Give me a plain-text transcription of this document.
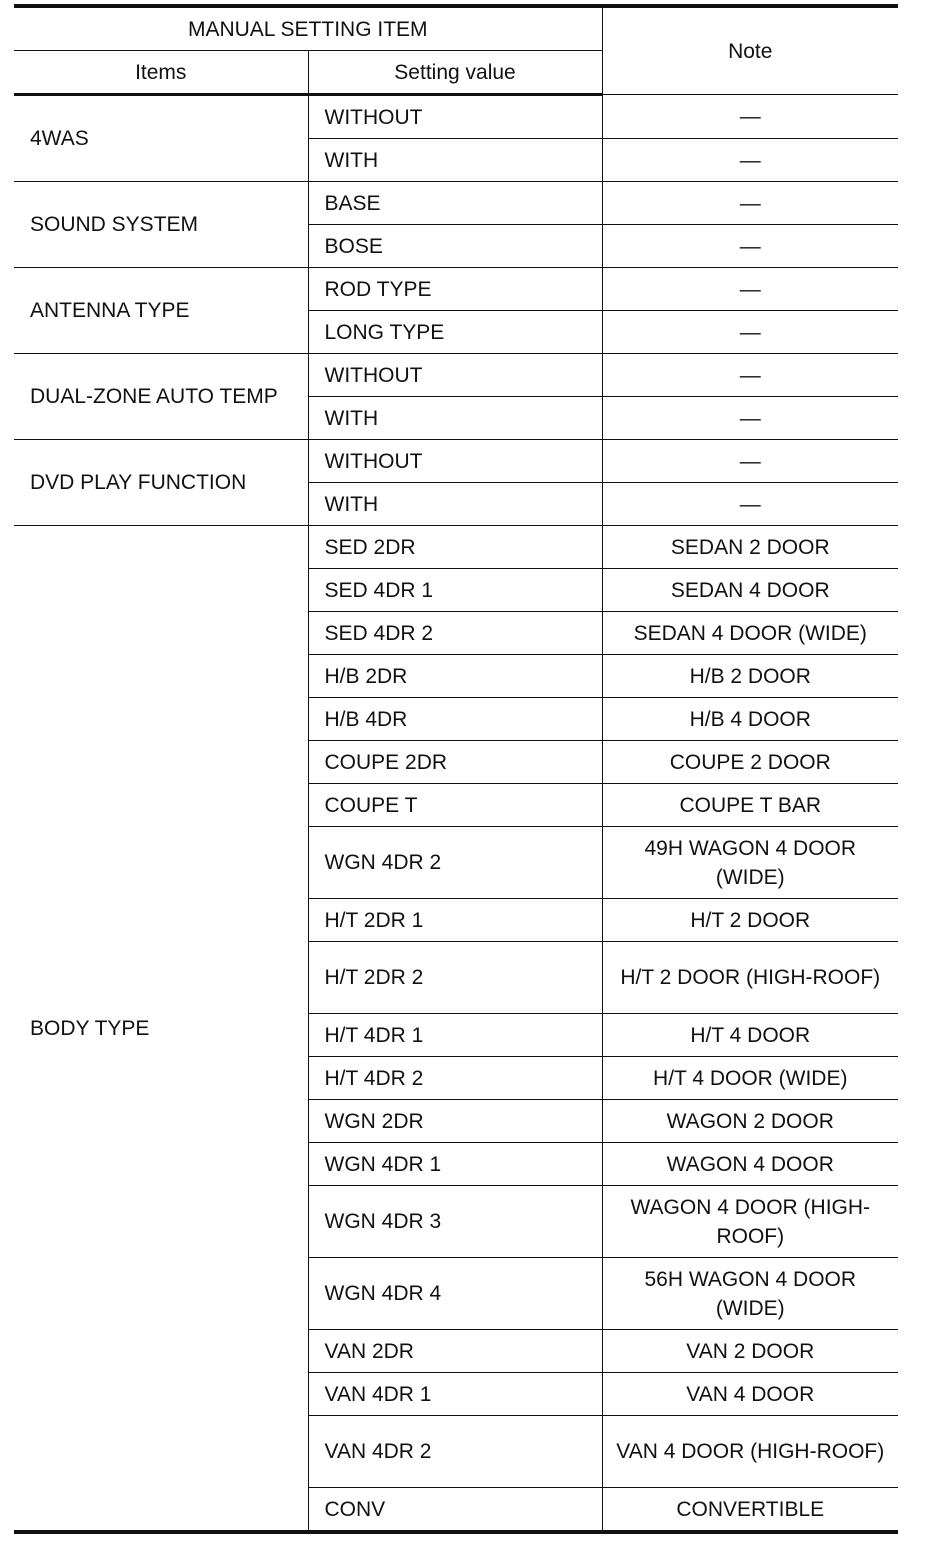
MANUAL SETTING ITEM		Note
Items	Setting value	
4WAS	WITHOUT	—
	WITH	—
SOUND SYSTEM	BASE	—
	BOSE	—
ANTENNA TYPE	ROD TYPE	—
	LONG TYPE	—
DUAL-ZONE AUTO TEMP	WITHOUT	—
	WITH	—
DVD PLAY FUNCTION	WITHOUT	—
	WITH	—
BODY TYPE	SED 2DR	SEDAN 2 DOOR
	SED 4DR 1	SEDAN 4 DOOR
	SED 4DR 2	SEDAN 4 DOOR (WIDE)
	H/B 2DR	H/B 2 DOOR
	H/B 4DR	H/B 4 DOOR
	COUPE 2DR	COUPE 2 DOOR
	COUPE T	COUPE T BAR
	WGN 4DR 2	49H WAGON 4 DOOR (WIDE)
	H/T 2DR 1	H/T 2 DOOR
	H/T 2DR 2	H/T 2 DOOR (HIGH-ROOF)
	H/T 4DR 1	H/T 4 DOOR
	H/T 4DR 2	H/T 4 DOOR (WIDE)
	WGN 2DR	WAGON 2 DOOR
	WGN 4DR 1	WAGON 4 DOOR
	WGN 4DR 3	WAGON 4 DOOR (HIGH-ROOF)
	WGN 4DR 4	56H WAGON 4 DOOR (WIDE)
	VAN 2DR	VAN 2 DOOR
	VAN 4DR 1	VAN 4 DOOR
	VAN 4DR 2	VAN 4 DOOR (HIGH-ROOF)
	CONV	CONVERTIBLE
